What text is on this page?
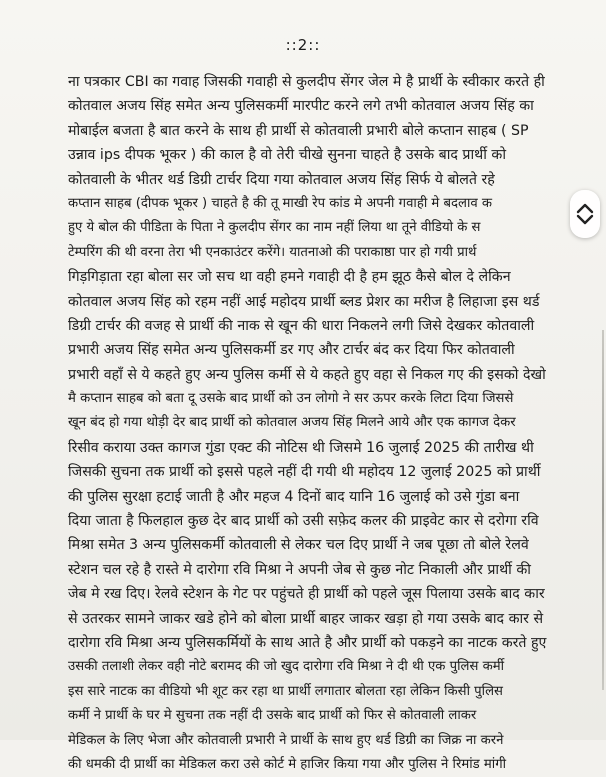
::2::
ना पत्रकार CBI का गवाह जिसकी गवाही से कुलदीप सेंगर जेल मे है प्रार्थी के स्वीकार करते ही
कोतवाल अजय सिंह समेत अन्य पुलिसकर्मी मारपीट करने लगे तभी कोतवाल अजय सिंह का
मोबाईल बजता है बात करने के साथ ही प्रार्थी से कोतवाली प्रभारी बोले कप्तान साहब ( SP
उन्नाव ips दीपक भूकर ) की काल है वो तेरी चीखे सुनना चाहते है उसके बाद प्रार्थी को
कोतवाली के भीतर थर्ड डिग्री टार्चर दिया गया कोतवाल अजय सिंह सिर्फ ये बोलते रहे
कप्तान साहब (दीपक भूकर ) चाहते है की तू माखी रेप कांड मे अपनी गवाही मे बदलाव क
हुए ये बोल की पीडिता के पिता ने कुलदीप सेंगर का नाम नहीं लिया था तूने वीडियो के स
टेम्परिंग की थी वरना तेरा भी एनकाउंटर करेंगे। यातनाओ की पराकाष्ठा पार हो गयी प्रार्थ
गिड़गिड़ाता रहा बोला सर जो सच था वही हमने गवाही दी है हम झूठ कैसे बोल दे लेकिन
कोतवाल अजय सिंह को रहम नहीं आई महोदय प्रार्थी ब्लड प्रेशर का मरीज है लिहाजा इस थर्ड
डिग्री टार्चर की वजह से प्रार्थी की नाक से खून की धारा निकलने लगी जिसे देखकर कोतवाली
प्रभारी अजय सिंह समेत अन्य पुलिसकर्मी डर गए और टार्चर बंद कर दिया फिर कोतवाली
प्रभारी वहाँ से ये कहते हुए अन्य पुलिस कर्मी से ये कहते हुए वहा से निकल गए की इसको देखो
मै कप्तान साहब को बता दू उसके बाद प्रार्थी को उन लोगो ने सर ऊपर करके लिटा दिया जिससे
खून बंद हो गया थोड़ी देर बाद प्रार्थी को कोतवाल अजय सिंह मिलने आये और एक कागज देकर
रिसीव कराया उक्त कागज गुंडा एक्ट की नोटिस थी जिसमे 16 जुलाई 2025 की तारीख थी
जिसकी सुचना तक प्रार्थी को इससे पहले नहीं दी गयी थी महोदय 12 जुलाई 2025 को प्रार्थी
की पुलिस सुरक्षा हटाई जाती है और महज 4 दिनों बाद यानि 16 जुलाई को उसे गुंडा बना
दिया जाता है फिलहाल कुछ देर बाद प्रार्थी को उसी सफ़ेद कलर की प्राइवेट कार से दरोगा रवि
मिश्रा समेत 3 अन्य पुलिसकर्मी कोतवाली से लेकर चल दिए प्रार्थी ने जब पूछा तो बोले रेलवे
स्टेशन चल रहे है रास्ते मे दारोगा रवि मिश्रा ने अपनी जेब से कुछ नोट निकाली और प्रार्थी की
जेब मे रख दिए। रेलवे स्टेशन के गेट पर पहुंचते ही प्रार्थी को पहले जूस पिलाया उसके बाद कार
से उतरकर सामने जाकर खडे होने को बोला प्रार्थी बाहर जाकर खड़ा हो गया उसके बाद कार से
दारोगा रवि मिश्रा अन्य पुलिसकर्मियों के साथ आते है और प्रार्थी को पकड़ने का नाटक करते हुए
उसकी तलाशी लेकर वही नोटे बरामद की जो खुद दारोगा रवि मिश्रा ने दी थी एक पुलिस कर्मी
इस सारे नाटक का वीडियो भी शूट कर रहा था प्रार्थी लगातार बोलता रहा लेकिन किसी पुलिस
कर्मी ने प्रार्थी के घर मे सुचना तक नहीं दी उसके बाद प्रार्थी को फिर से कोतवाली लाकर
मेडिकल के लिए भेजा और कोतवाली प्रभारी ने प्रार्थी के साथ हुए थर्ड डिग्री का जिक्र ना करने
की धमकी दी प्रार्थी का मेडिकल करा उसे कोर्ट मे हाजिर किया गया और पुलिस ने रिमांड मांगी
